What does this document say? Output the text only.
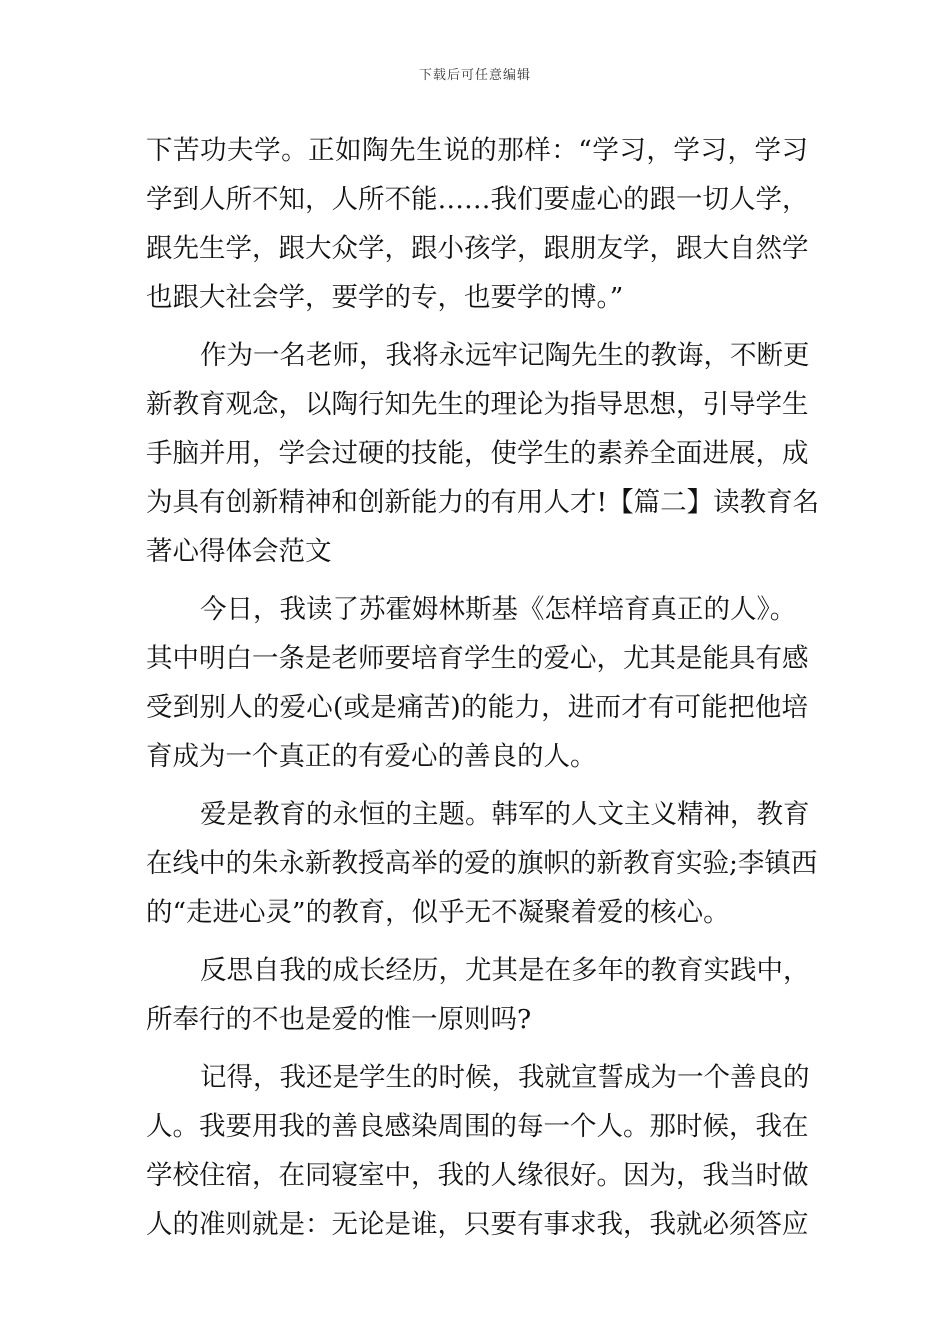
下载后可任意编辑
下苦功夫学。正如陶先生说的那样：“学习，学习，学习
学到人所不知，人所不能……我们要虚心的跟一切人学，
跟先生学，跟大众学，跟小孩学，跟朋友学，跟大自然学
也跟大社会学，要学的专，也要学的博。”
作为一名老师，我将永远牢记陶先生的教诲，不断更
新教育观念，以陶行知先生的理论为指导思想，引导学生
手脑并用，学会过硬的技能，使学生的素养全面进展，成
为具有创新精神和创新能力的有用人才!【篇二】读教育名
著心得体会范文
今日，我读了苏霍姆林斯基《怎样培育真正的人》。
其中明白一条是老师要培育学生的爱心，尤其是能具有感
受到别人的爱心(或是痛苦)的能力，进而才有可能把他培
育成为一个真正的有爱心的善良的人。
爱是教育的永恒的主题。韩军的人文主义精神，教育
在线中的朱永新教授高举的爱的旗帜的新教育实验;李镇西
的“走进心灵”的教育，似乎无不凝聚着爱的核心。
反思自我的成长经历，尤其是在多年的教育实践中，
所奉行的不也是爱的惟一原则吗?
记得，我还是学生的时候，我就宣誓成为一个善良的
人。我要用我的善良感染周围的每一个人。那时候，我在
学校住宿，在同寝室中，我的人缘很好。因为，我当时做
人的准则就是：无论是谁，只要有事求我，我就必须答应
